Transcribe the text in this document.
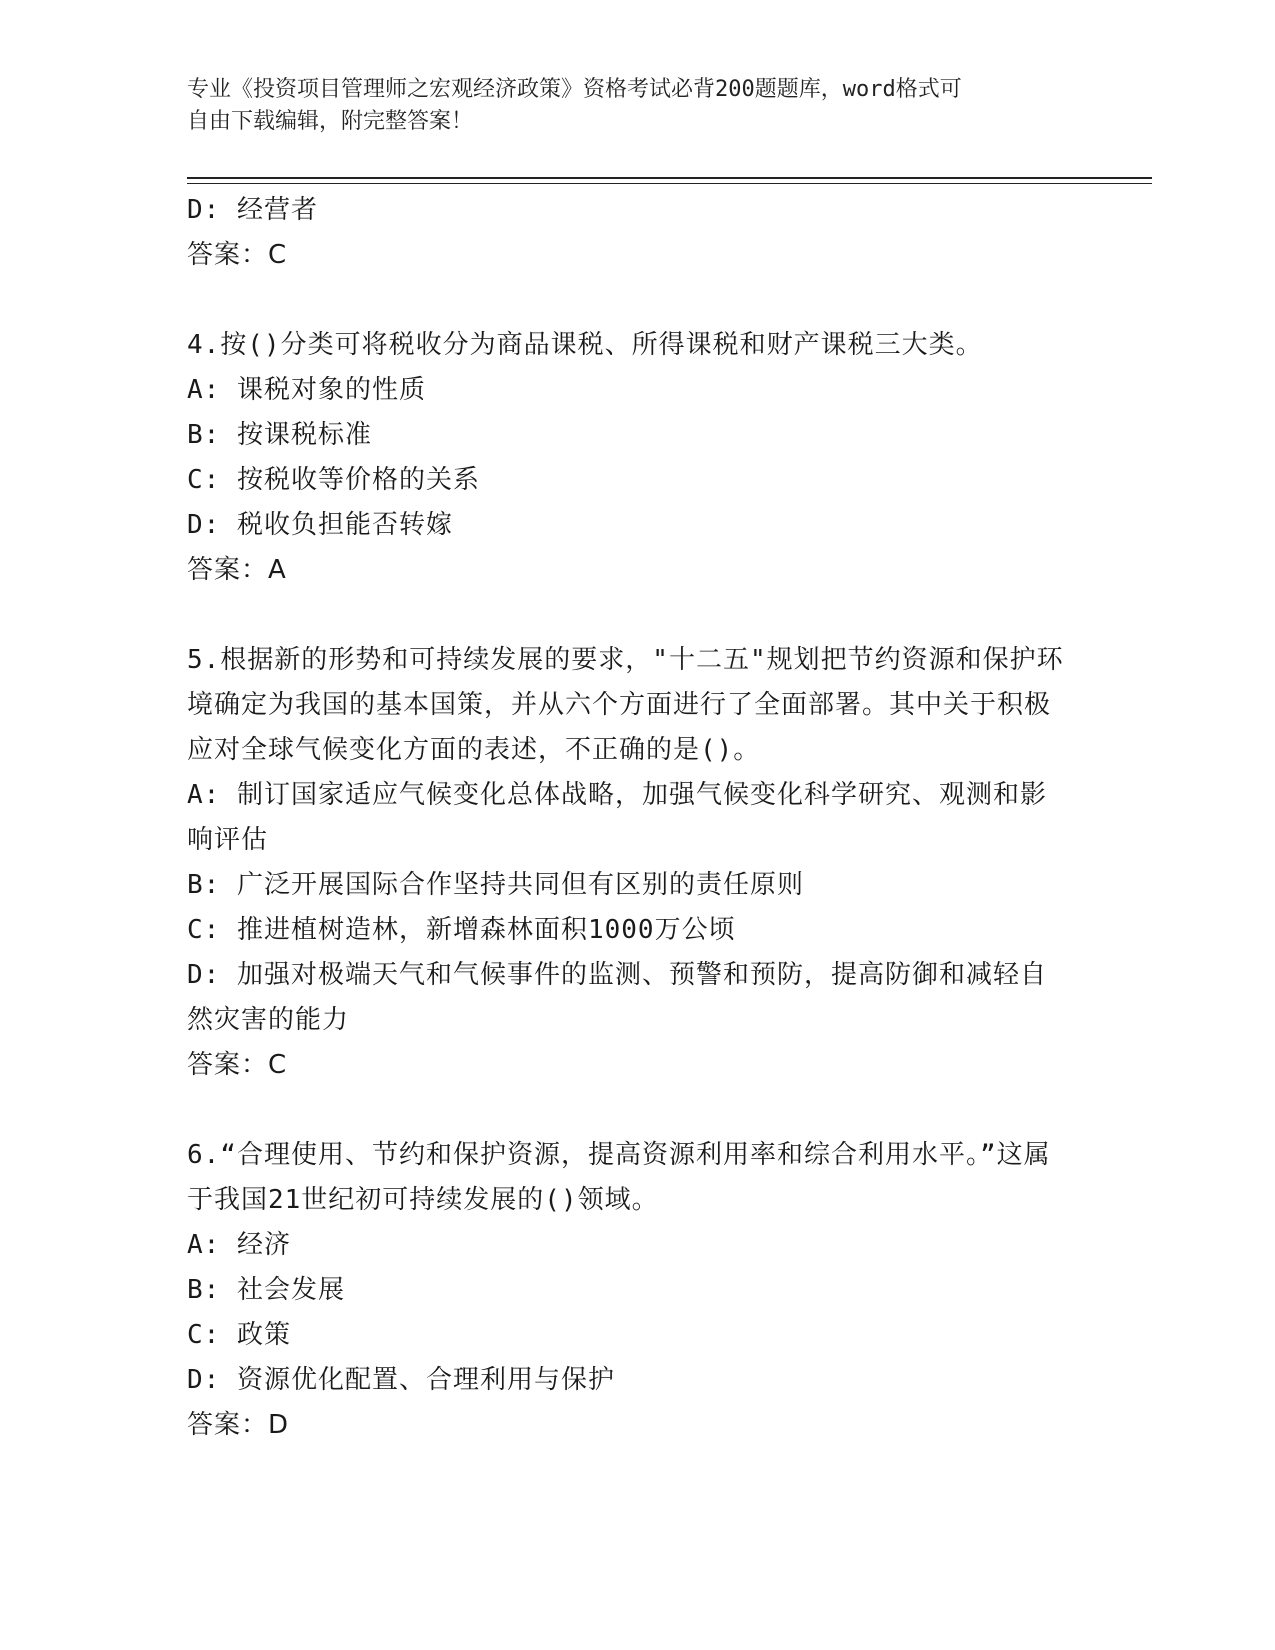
专业《投资项目管理师之宏观经济政策》资格考试必背200题题库，word格式可
自由下载编辑，附完整答案！

D: 经营者

答案：C

4.按()分类可将税收分为商品课税、所得课税和财产课税三大类。

A: 课税对象的性质

B: 按课税标准

C: 按税收等价格的关系

D: 税收负担能否转嫁

答案：A

5.根据新的形势和可持续发展的要求，"十二五"规划把节约资源和保护环境确定为我国的基本国策，并从六个方面进行了全面部署。其中关于积极应对全球气候变化方面的表述，不正确的是()。

A: 制订国家适应气候变化总体战略，加强气候变化科学研究、观测和影响评估

B: 广泛开展国际合作坚持共同但有区别的责任原则

C: 推进植树造林，新增森林面积1000万公顷

D: 加强对极端天气和气候事件的监测、预警和预防，提高防御和减轻自然灾害的能力

答案：C

6.“合理使用、节约和保护资源，提高资源利用率和综合利用水平。”这属于我国21世纪初可持续发展的()领域。

A: 经济

B: 社会发展

C: 政策

D: 资源优化配置、合理利用与保护

答案：D
